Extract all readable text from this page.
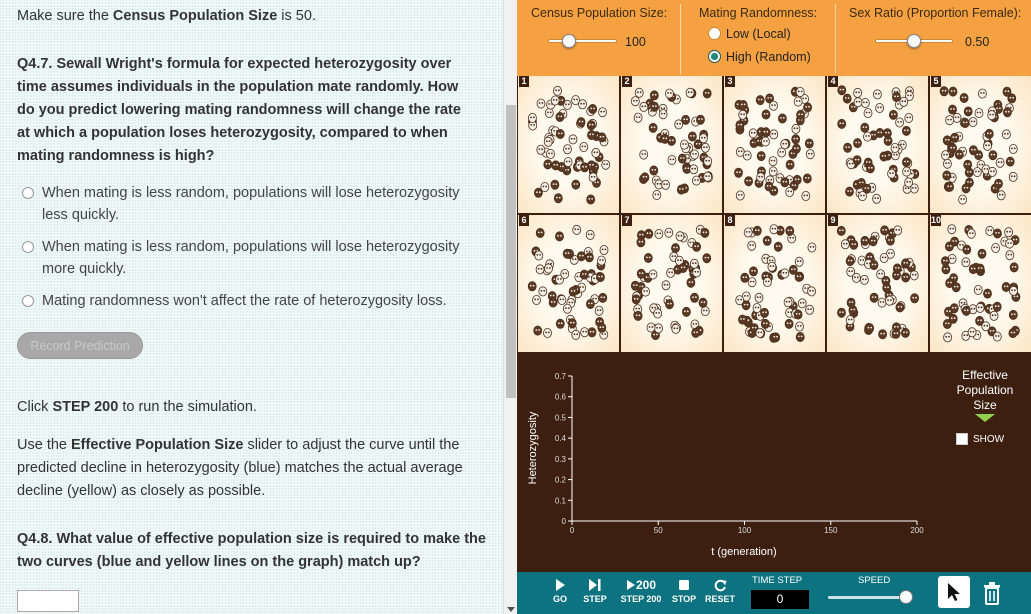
Make sure the Census Population Size is 50.
Q4.7. Sewall Wright's formula for expected heterozygosity over time assumes individuals in the population mate randomly. How do you predict lowering mating randomness will change the rate at which a population loses heterozygosity, compared to when mating randomness is high?
When mating is less random, populations will lose heterozygosity less quickly.
When mating is less random, populations will lose heterozygosity more quickly.
Mating randomness won't affect the rate of heterozygosity loss.
Record Prediction
Click STEP 200 to run the simulation.
Use the Effective Population Size slider to adjust the curve until the predicted decline in heterozygosity (blue) matches the actual average decline (yellow) as closely as possible.
Q4.8. What value of effective population size is required to make the two curves (blue and yellow lines on the graph) match up?
Census Population Size:
100
Mating Randomness:
Low (Local)
High (Random)
Sex Ratio (Proportion Female):
0.50
1	2	3	4	5
6	7	8	9	10
0	50	100	150	200
0
0.1
0.2
0.3
0.4
0.5
0.6
0.7
t (generation)
Heterozygosity
Effective Population Size
SHOW
GO	STEP
200
STEP 200 STOP RESET
TIME STEP
0
SPEED
